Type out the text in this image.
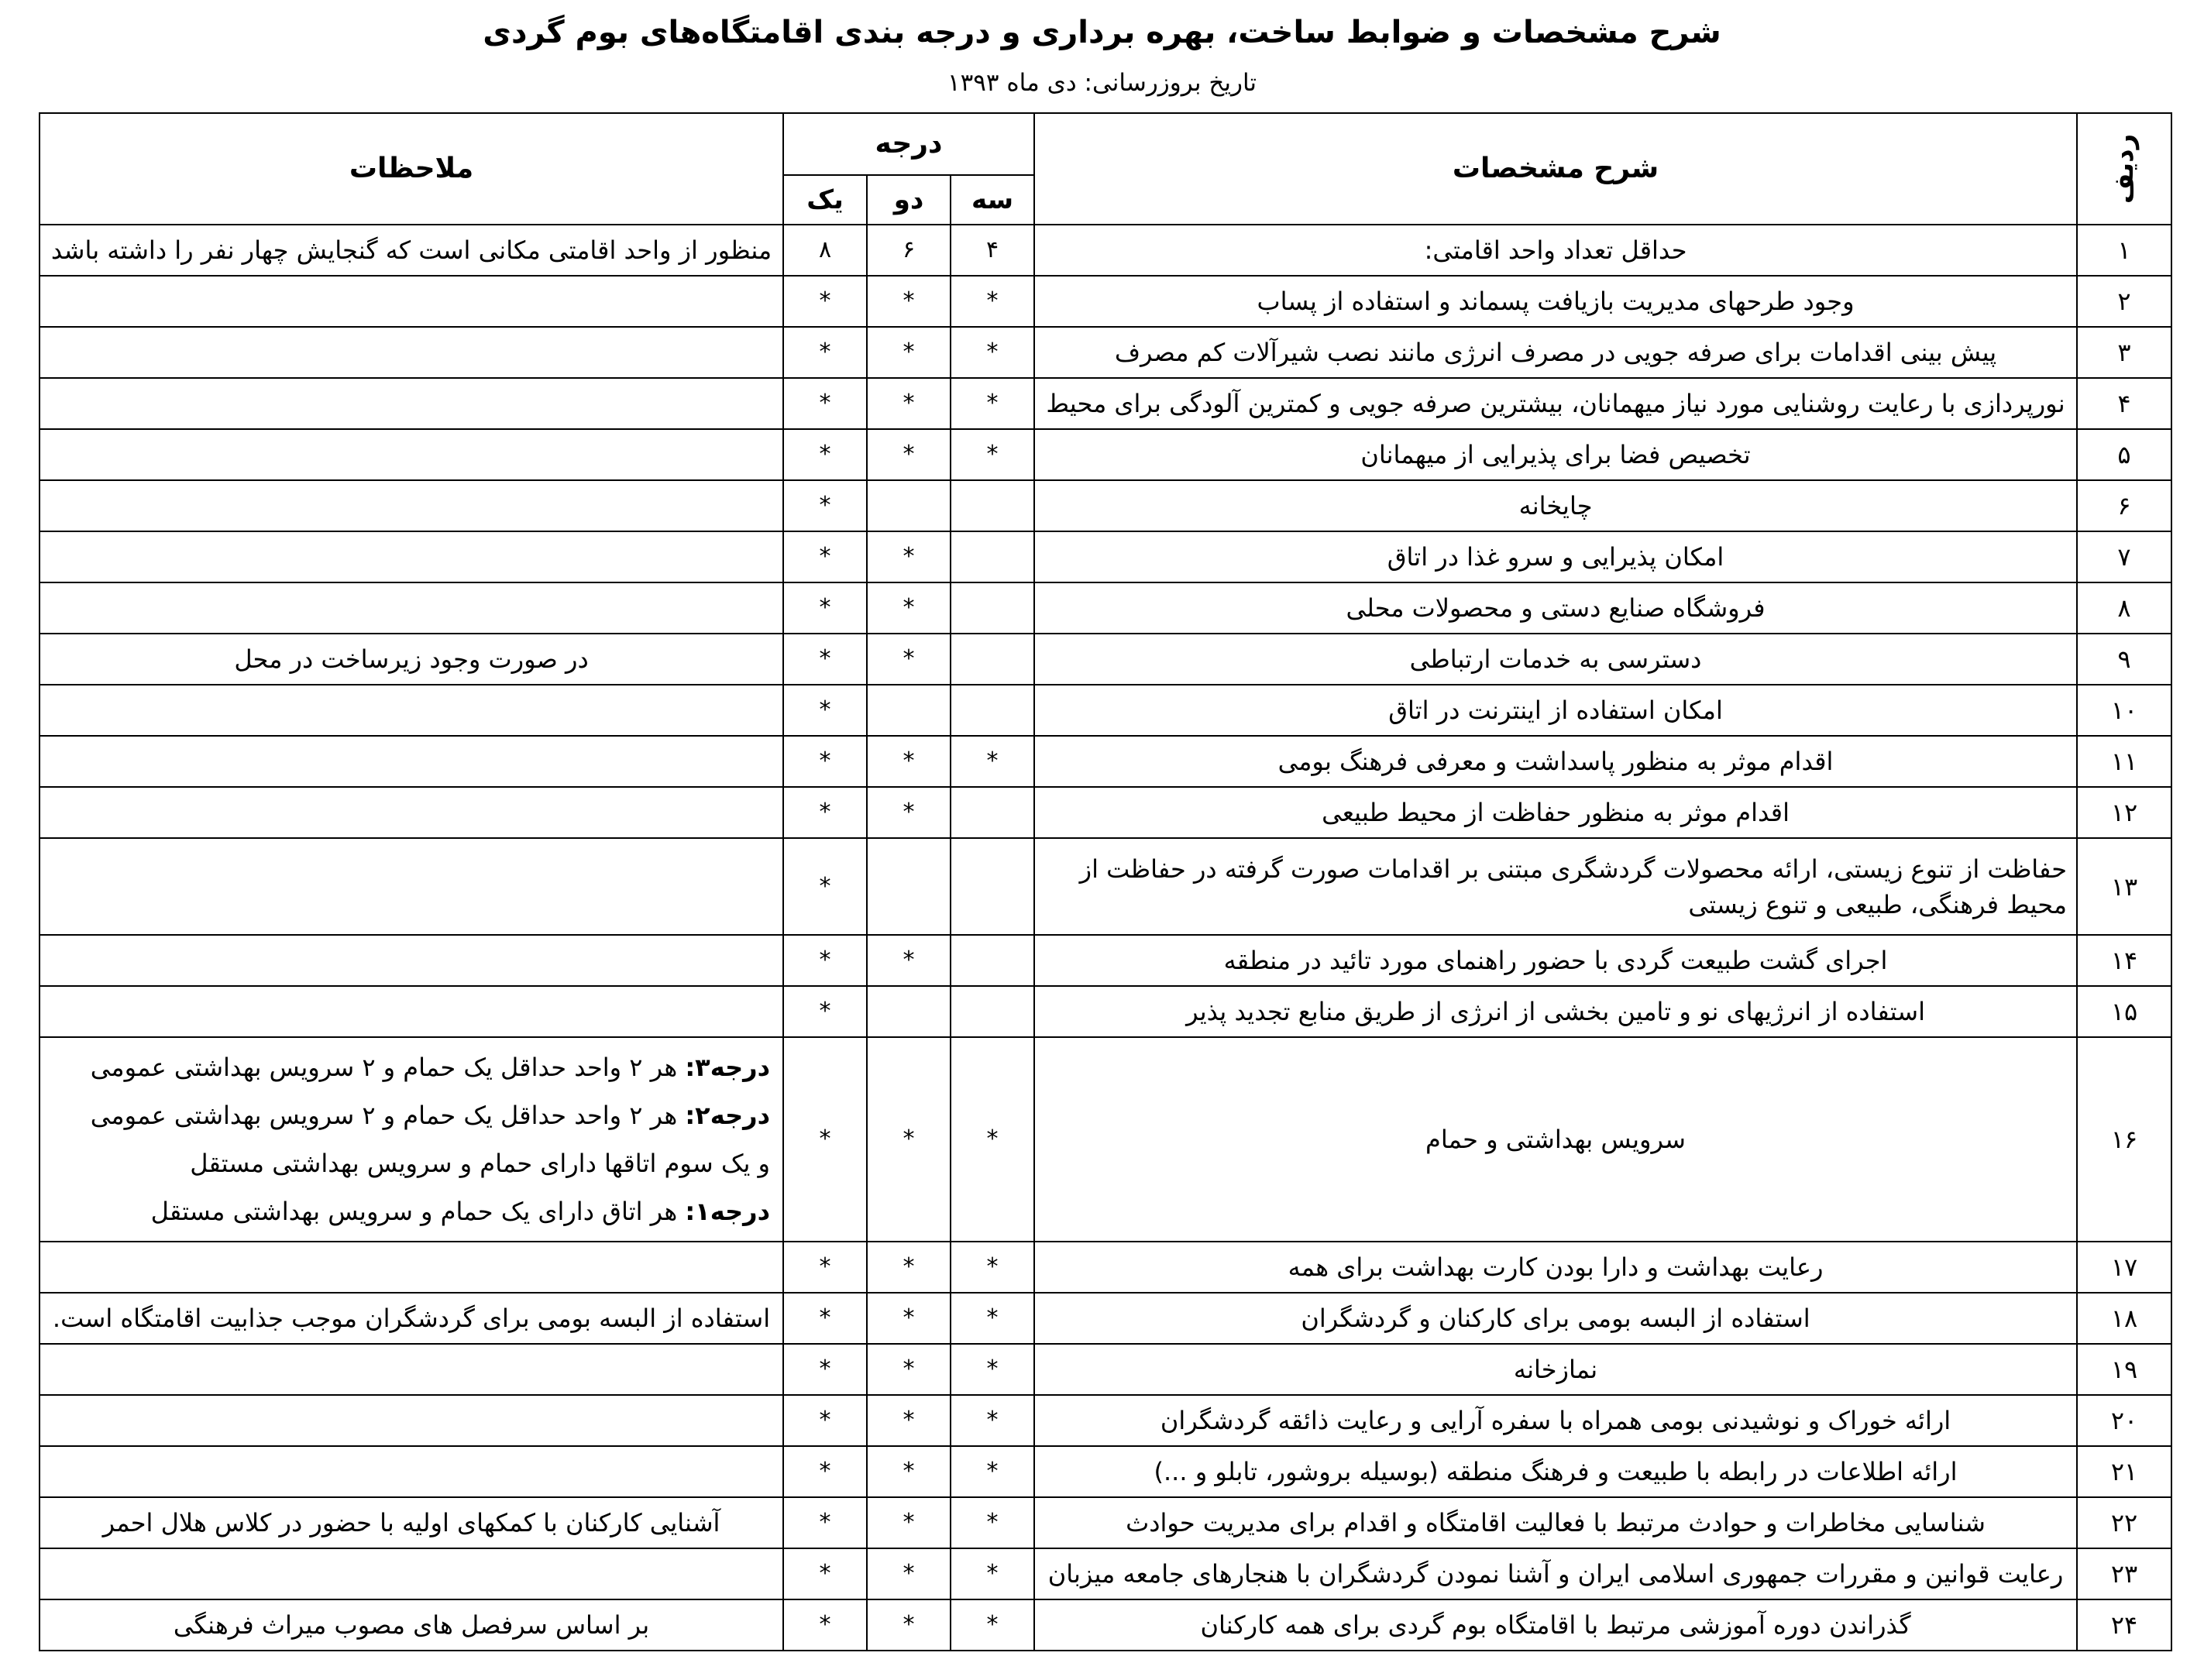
شرح مشخصات و ضوابط ساخت، بهره برداری و درجه بندی اقامتگاه‌های بوم گردی
تاریخ بروزرسانی: دی ماه ۱۳۹۳
ردیف	شرح مشخصات	درجه			ملاحظات
		سه	دو	یک	
۱	حداقل تعداد واحد اقامتی:	۴	۶	۸	منظور از واحد اقامتی مکانی است که گنجایش چهار نفر را داشته باشد
۲	وجود طرحهای مدیریت بازیافت پسماند و استفاده از پساب	*	*	*	
۳	پیش بینی اقدامات برای صرفه جویی در مصرف انرژی مانند نصب شیرآلات کم مصرف	*	*	*	
۴	نورپردازی با رعایت روشنایی مورد نیاز میهمانان، بیشترین صرفه جویی و کمترین آلودگی برای محیط	*	*	*	
۵	تخصیص فضا برای پذیرایی از میهمانان	*	*	*	
۶	چایخانه			*	
۷	امکان پذیرایی و سرو غذا در اتاق		*	*	
۸	فروشگاه صنایع دستی و محصولات محلی		*	*	
۹	دسترسی به خدمات ارتباطی		*	*	در صورت وجود زیرساخت در محل
۱۰	امکان استفاده از اینترنت در اتاق			*	
۱۱	اقدام موثر به منظور پاسداشت و معرفی فرهنگ بومی	*	*	*	
۱۲	اقدام موثر به منظور حفاظت از محیط طبیعی		*	*	
۱۳	حفاظت از تنوع زیستی، ارائه محصولات گردشگری مبتنی بر اقدامات صورت گرفته در حفاظت از محیط فرهنگی، طبیعی و تنوع زیستی			*	
۱۴	اجرای گشت طبیعت گردی با حضور راهنمای مورد تائید در منطقه		*	*	
۱۵	استفاده از انرژیهای نو و تامین بخشی از انرژی از طریق منابع تجدید پذیر			*	
۱۶	سرویس بهداشتی و حمام	*	*	*	درجه۳: هر ۲ واحد حداقل یک حمام و ۲ سرویس بهداشتی عمومی
درجه۲: هر ۲ واحد حداقل یک حمام و ۲ سرویس بهداشتی عمومی
و یک سوم اتاقها دارای حمام و سرویس بهداشتی مستقل
درجه۱: هر اتاق دارای یک حمام و سرویس بهداشتی مستقل

۱۷	رعایت بهداشت و دارا بودن کارت بهداشت برای همه	*	*	*	
۱۸	استفاده از البسه بومی برای کارکنان و گردشگران	*	*	*	استفاده از البسه بومی برای گردشگران موجب جذابیت اقامتگاه است.
۱۹	نمازخانه	*	*	*	
۲۰	ارائه خوراک و نوشیدنی بومی همراه با سفره آرایی و رعایت ذائقه گردشگران	*	*	*	
۲۱	ارائه اطلاعات در رابطه با طبیعت و فرهنگ منطقه (بوسیله بروشور، تابلو و ...)	*	*	*	
۲۲	شناسایی مخاطرات و حوادث مرتبط با فعالیت اقامتگاه و اقدام برای مدیریت حوادث	*	*	*	آشنایی کارکنان با کمکهای اولیه با حضور در کلاس هلال احمر
۲۳	رعایت قوانین و مقررات جمهوری اسلامی ایران و آشنا نمودن گردشگران با هنجارهای جامعه میزبان	*	*	*	
۲۴	گذراندن دوره آموزشی مرتبط با اقامتگاه بوم گردی برای همه کارکنان	*	*	*	بر اساس سرفصل های مصوب میراث فرهنگی
